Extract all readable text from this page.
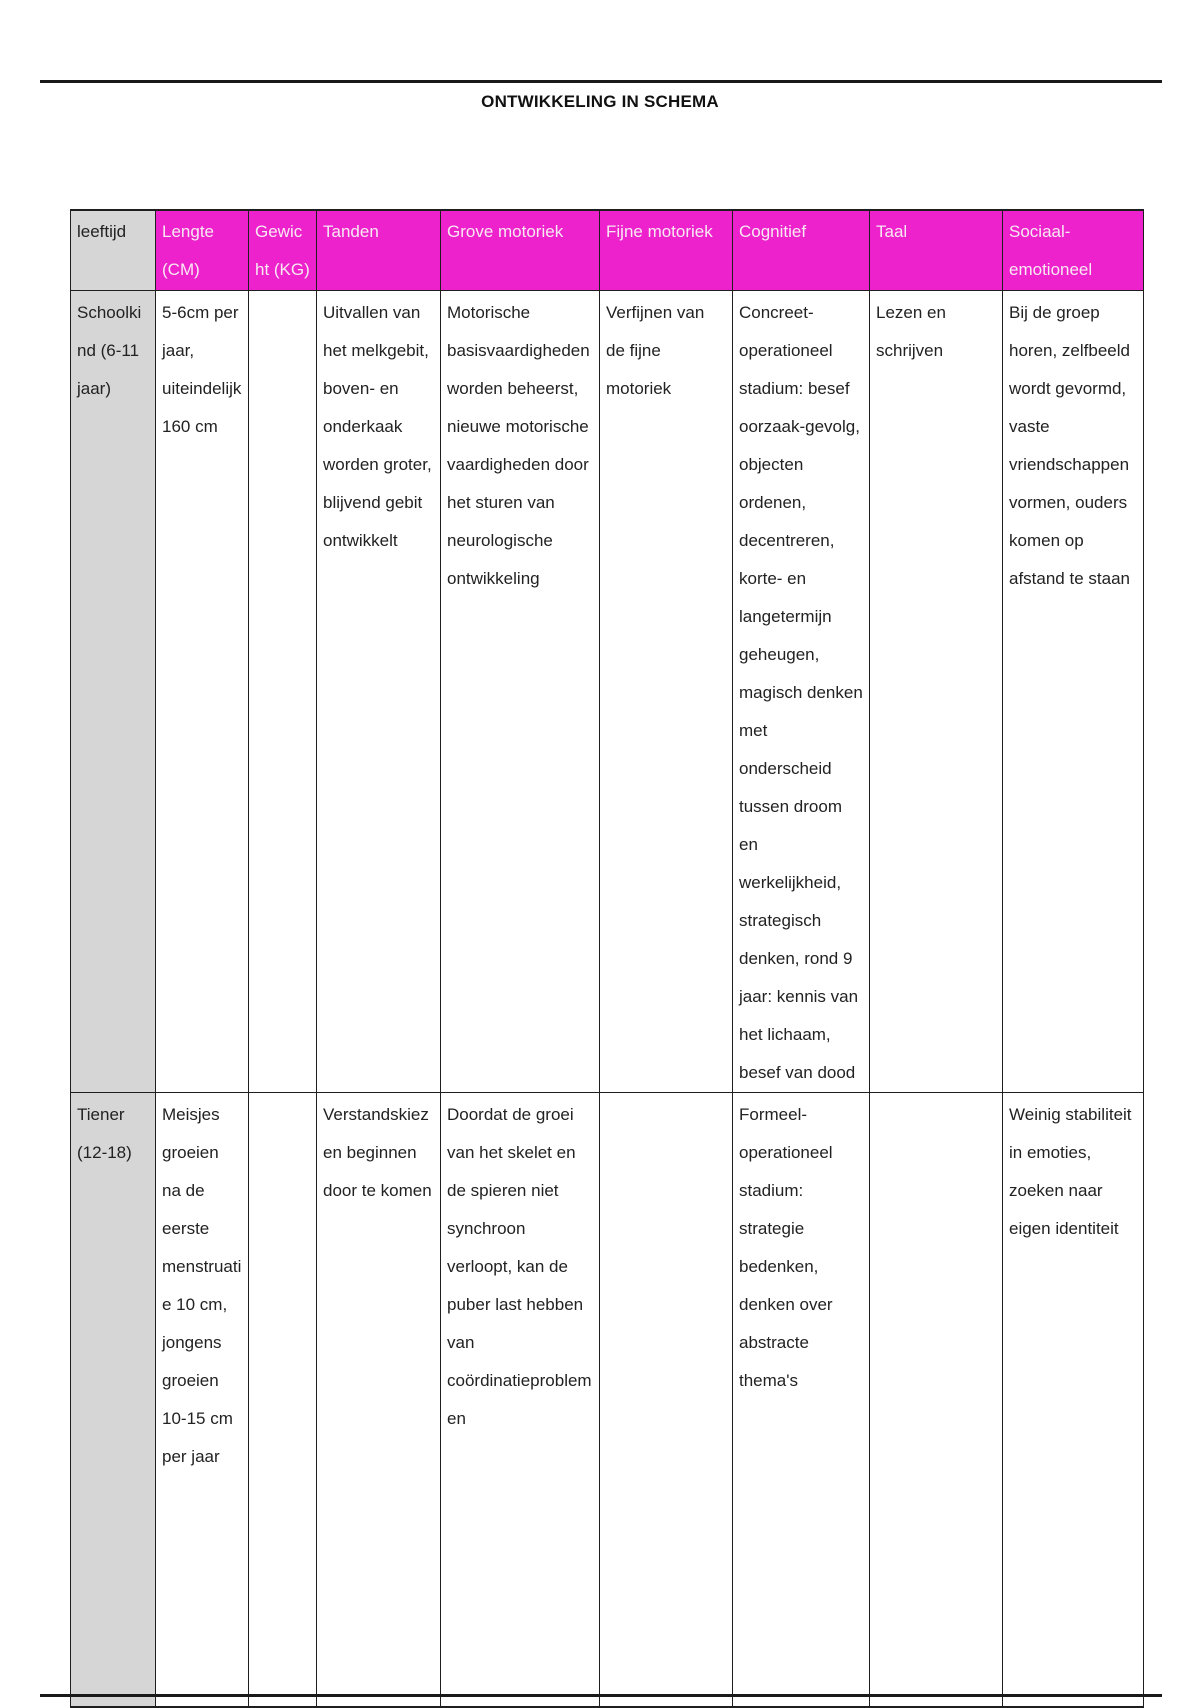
ONTWIKKELING IN SCHEMA
leeftijd	Lengte (CM)	Gewicht (KG)	Tanden	Grove motoriek	Fijne motoriek	Cognitief	Taal	Sociaal-emotioneel
Schoolkind (6-11 jaar)	5-6cm per jaar, uiteindelijk 160 cm		Uitvallen van het melkgebit, boven- en onderkaak worden groter, blijvend gebit ontwikkelt	Motorische basisvaardigheden worden beheerst, nieuwe motorische vaardigheden door het sturen van neurologische ontwikkeling	Verfijnen van de fijne motoriek	Concreet-operationeel stadium: besef oorzaak-gevolg, objecten ordenen, decentreren, korte- en langetermijn geheugen, magisch denken met onderscheid tussen droom en werkelijkheid, strategisch denken, rond 9 jaar: kennis van het lichaam, besef van dood	Lezen en schrijven	Bij de groep horen, zelfbeeld wordt gevormd, vaste vriendschappen vormen, ouders komen op afstand te staan
Tiener (12-18)	Meisjes groeien na de eerste menstruatie 10 cm, jongens groeien 10-15 cm per jaar		Verstandskiezen beginnen door te komen	Doordat de groei van het skelet en de spieren niet synchroon verloopt, kan de puber last hebben van coördinatieproblemen		Formeel-operationeel stadium: strategie bedenken, denken over abstracte thema's		Weinig stabiliteit in emoties, zoeken naar eigen identiteit
